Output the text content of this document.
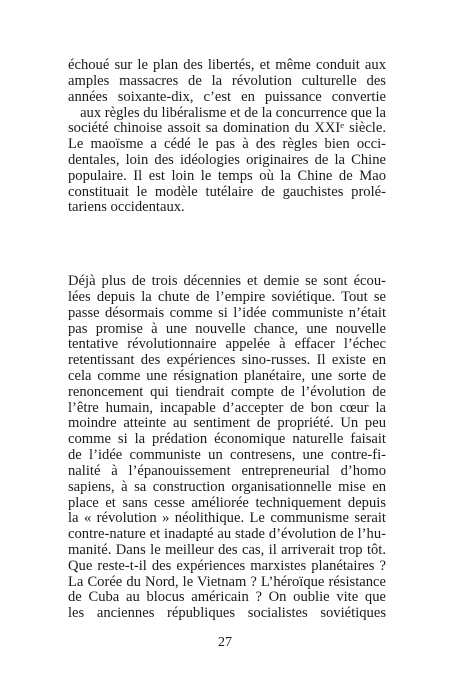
échoué sur le plan des libertés, et même conduit aux
amples massacres de la révolution culturelle des
années soixante-dix, c’est en puissance convertie
aux règles du libéralisme et de la concurrence que la
société chinoise assoit sa domination du XXIᵉ siècle.
Le maoïsme a cédé le pas à des règles bien occi-
dentales, loin des idéologies originaires de la Chine
populaire. Il est loin le temps où la Chine de Mao
constituait le modèle tutélaire de gauchistes prolé-
tariens occidentaux.
Déjà plus de trois décennies et demie se sont écou-
lées depuis la chute de l’empire soviétique. Tout se
passe désormais comme si l’idée communiste n’était
pas promise à une nouvelle chance, une nouvelle
tentative révolutionnaire appelée à effacer l’échec
retentissant des expériences sino-russes. Il existe en
cela comme une résignation planétaire, une sorte de
renoncement qui tiendrait compte de l’évolution de
l’être humain, incapable d’accepter de bon cœur la
moindre atteinte au sentiment de propriété. Un peu
comme si la prédation économique naturelle faisait
de l’idée communiste un contresens, une contre-fi-
nalité à l’épanouissement entrepreneurial d’homo
sapiens, à sa construction organisationnelle mise en
place et sans cesse améliorée techniquement depuis
la « révolution » néolithique. Le communisme serait
contre-nature et inadapté au stade d’évolution de l’hu-
manité. Dans le meilleur des cas, il arriverait trop tôt.
Que reste-t-il des expériences marxistes planétaires ?
La Corée du Nord, le Vietnam ? L’héroïque résistance
de Cuba au blocus américain ? On oublie vite que
les anciennes républiques socialistes soviétiques
27
